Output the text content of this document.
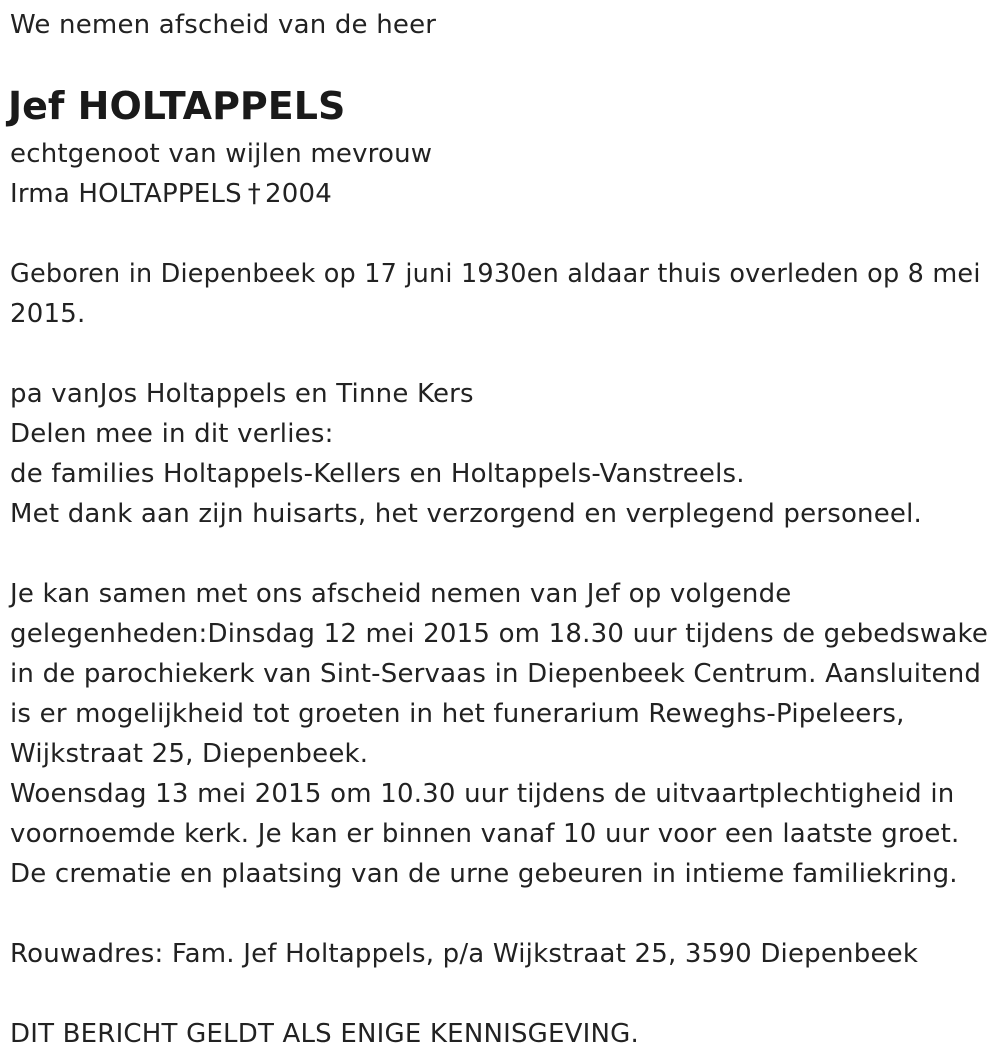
We nemen afscheid van de heer

Jef HOLTAPPELS

echtgenoot van wijlen mevrouw

Irma HOLTAPPELS † 2004

Geboren in Diepenbeek op 17 juni 1930en aldaar thuis overleden op 8 mei

2015.

pa vanJos Holtappels en Tinne Kers

Delen mee in dit verlies:

de families Holtappels-Kellers en Holtappels-Vanstreels.

Met dank aan zijn huisarts, het verzorgend en verplegend personeel.

Je kan samen met ons afscheid nemen van Jef op volgende

gelegenheden:Dinsdag 12 mei 2015 om 18.30 uur tijdens de gebedswake

in de parochiekerk van Sint-Servaas in Diepenbeek Centrum. Aansluitend

is er mogelijkheid tot groeten in het funerarium Reweghs-Pipeleers,

Wijkstraat 25, Diepenbeek.

Woensdag 13 mei 2015 om 10.30 uur tijdens de uitvaartplechtigheid in

voornoemde kerk. Je kan er binnen vanaf 10 uur voor een laatste groet.

De crematie en plaatsing van de urne gebeuren in intieme familiekring.

Rouwadres: Fam. Jef Holtappels, p/a Wijkstraat 25, 3590 Diepenbeek

DIT BERICHT GELDT ALS ENIGE KENNISGEVING.
